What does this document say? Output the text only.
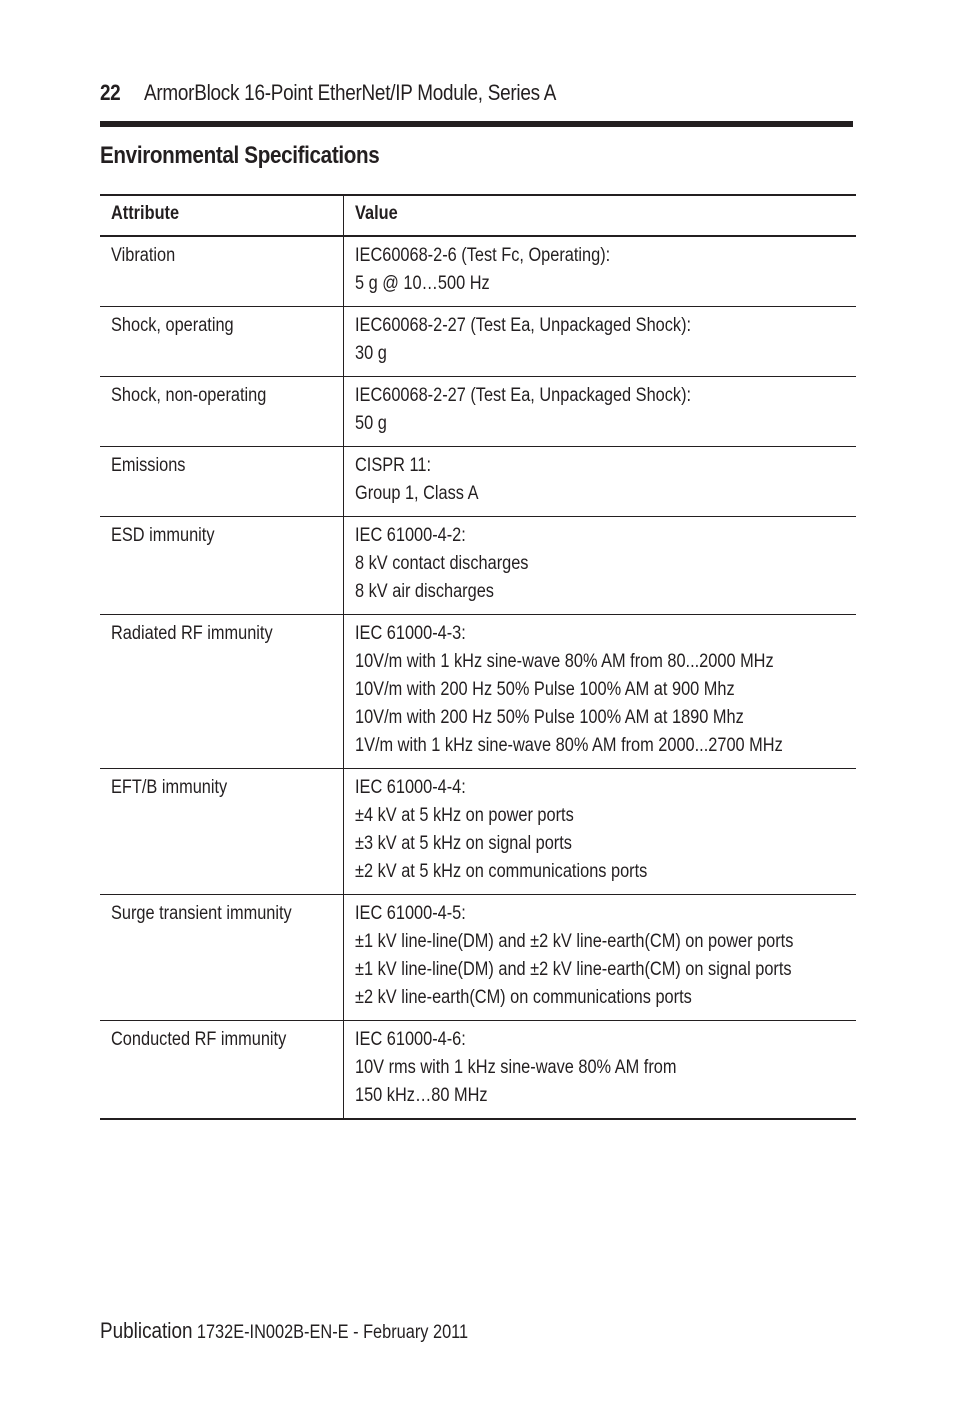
22	ArmorBlock 16-Point EtherNet/IP Module, Series A
Environmental Specifications
Attribute	Value

Vibration	IEC60068-2-6 (Test Fc, Operating):
5 g @ 10…500 Hz

Shock, operating	IEC60068-2-27 (Test Ea, Unpackaged Shock):
30 g

Shock, non-operating	IEC60068-2-27 (Test Ea, Unpackaged Shock):
50 g

Emissions	CISPR 11:
Group 1, Class A

ESD immunity	IEC 61000-4-2:
8 kV contact discharges
8 kV air discharges

Radiated RF immunity	IEC 61000-4-3:
10V/m with 1 kHz sine-wave 80% AM from 80...2000 MHz
10V/m with 200 Hz 50% Pulse 100% AM at 900 Mhz
10V/m with 200 Hz 50% Pulse 100% AM at 1890 Mhz
1V/m with 1 kHz sine-wave 80% AM from 2000...2700 MHz

EFT/B immunity	IEC 61000-4-4:
±4 kV at 5 kHz on power ports
±3 kV at 5 kHz on signal ports
±2 kV at 5 kHz on communications ports

Surge transient immunity	IEC 61000-4-5:
±1 kV line-line(DM) and ±2 kV line-earth(CM) on power ports
±1 kV line-line(DM) and ±2 kV line-earth(CM) on signal ports
±2 kV line-earth(CM) on communications ports

Conducted RF immunity	IEC 61000-4-6:
10V rms with 1 kHz sine-wave 80% AM from
150 kHz…80 MHz
Publication 1732E-IN002B-EN-E - February 2011
